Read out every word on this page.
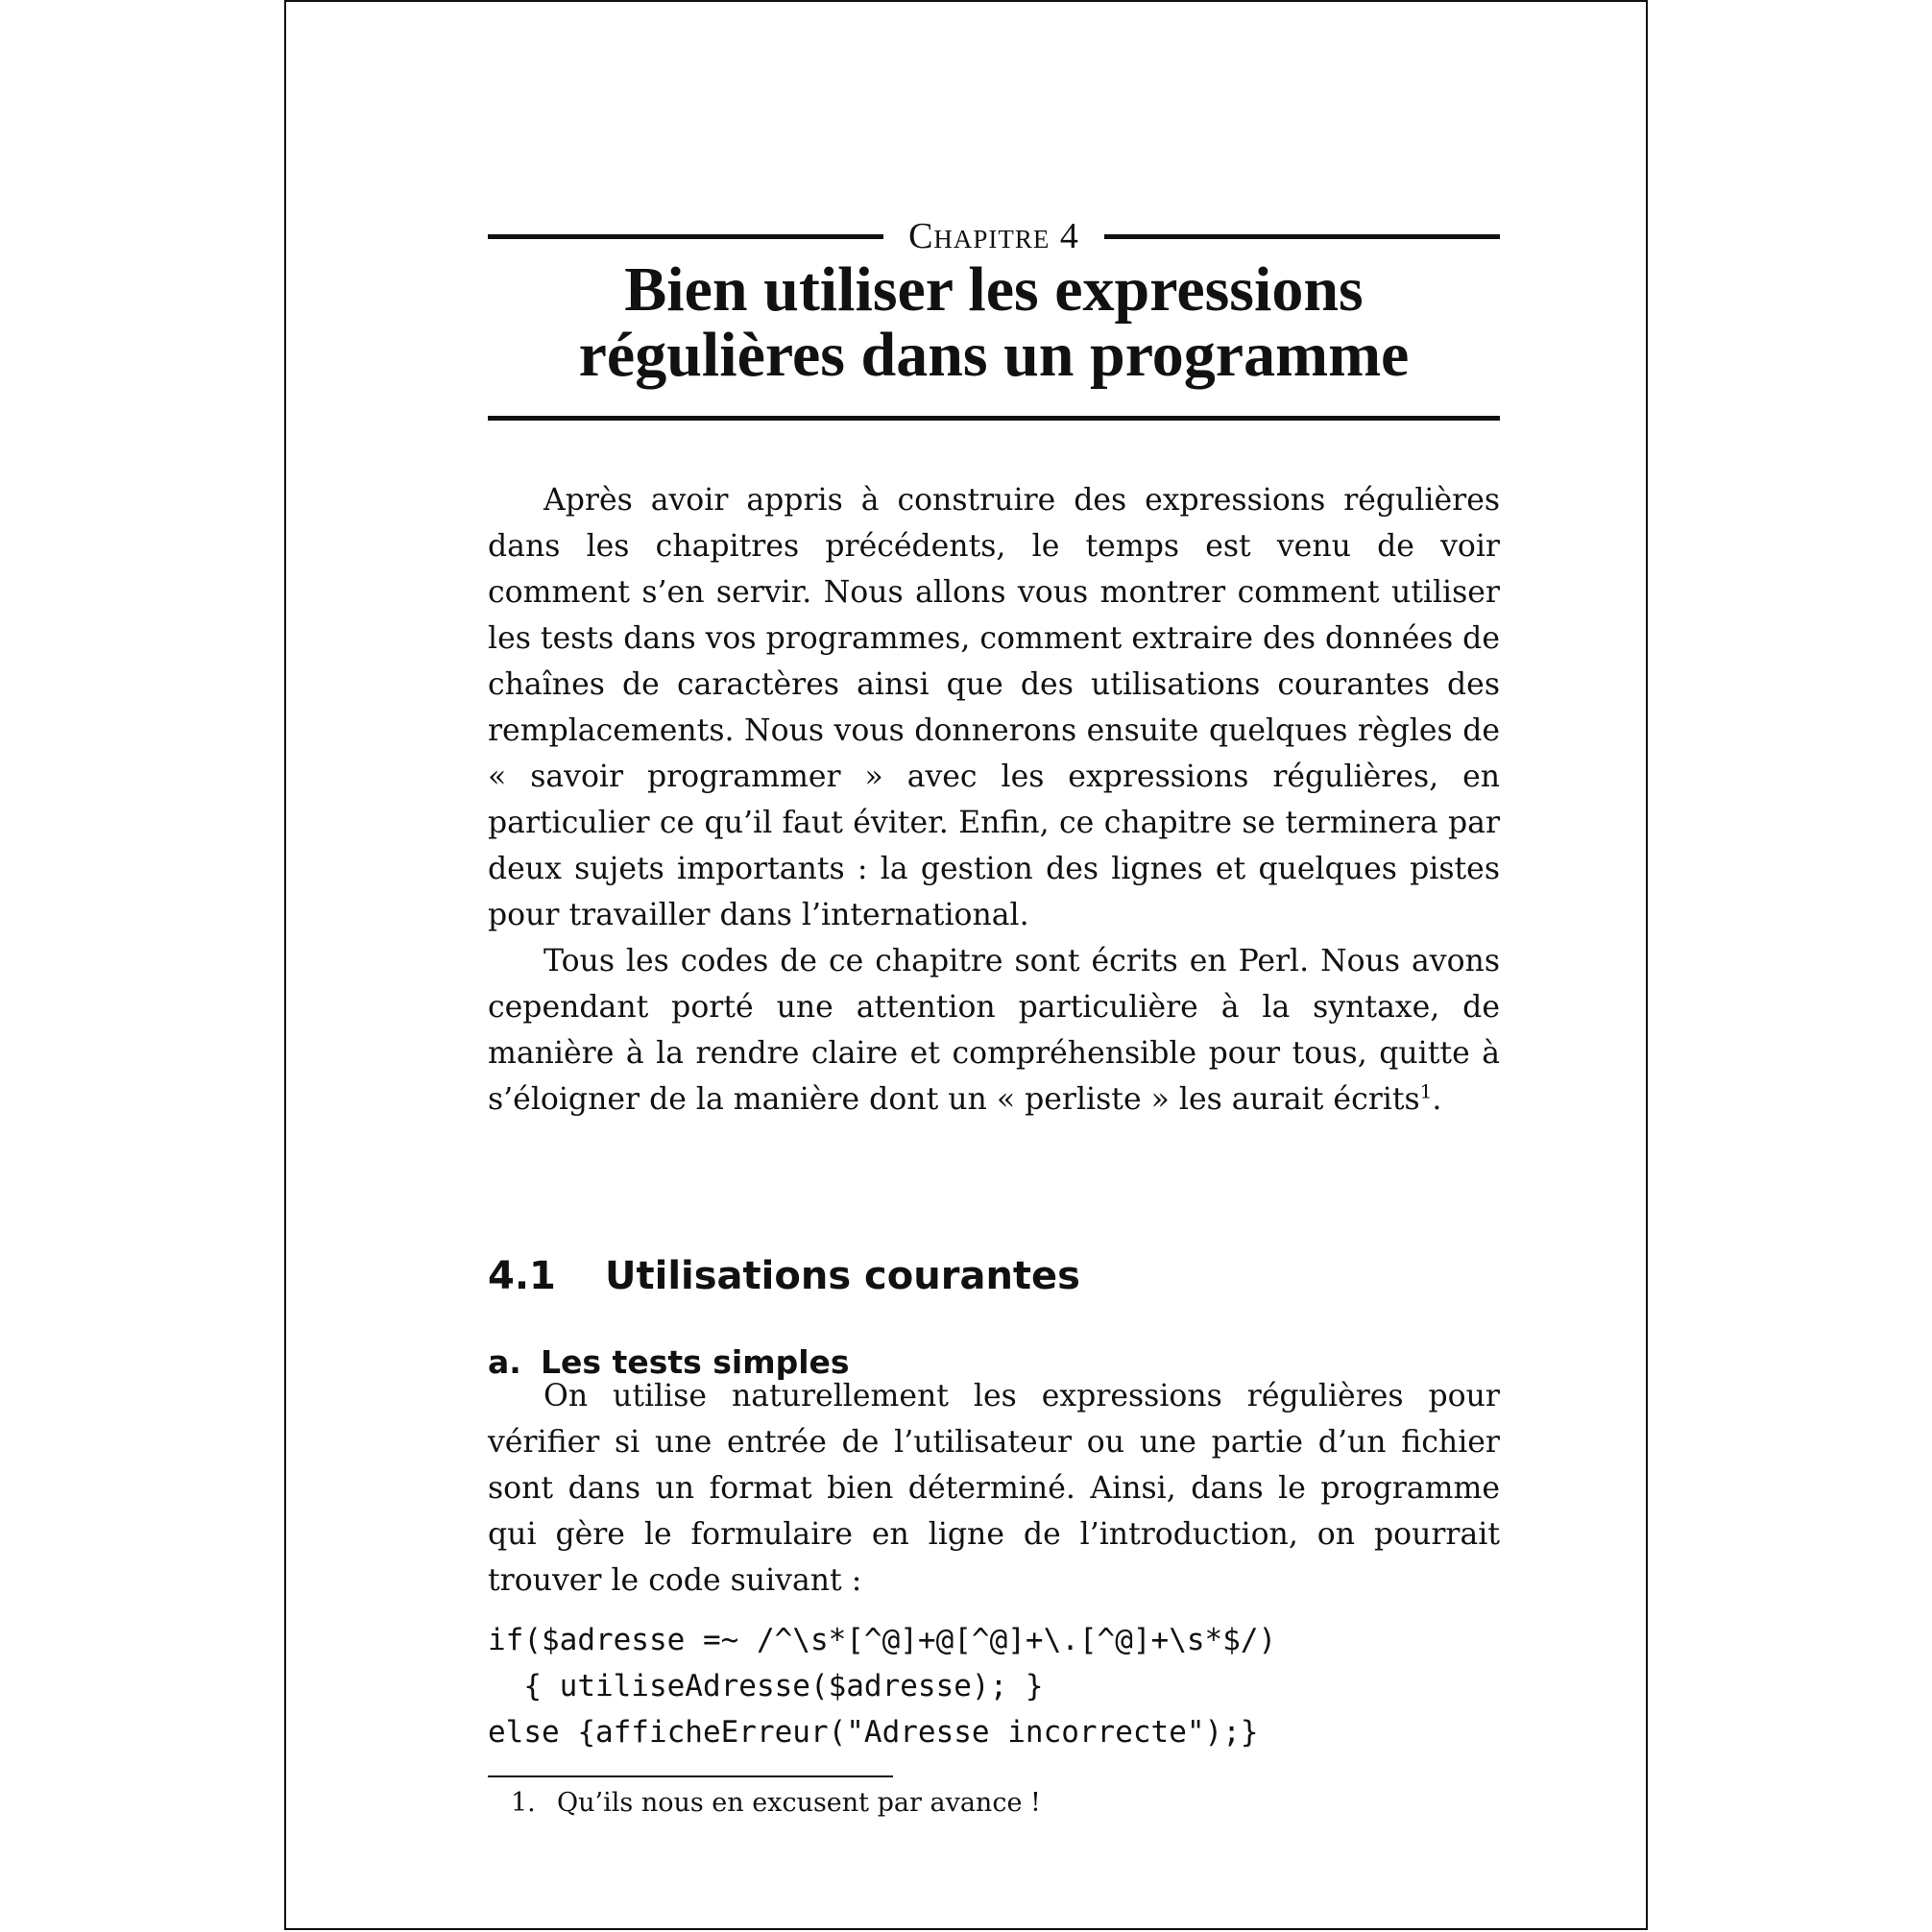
Chapitre 4
Bien utiliser les expressions
régulières dans un programme

Après avoir appris à construire des expressions régulières dans les chapitres précédents, le temps est venu de voir comment s’en servir. Nous allons vous montrer comment utiliser les tests dans vos programmes, comment extraire des données de chaînes de caractères ainsi que des utilisations courantes des remplacements. Nous vous donnerons ensuite quelques règles de « savoir programmer » avec les expressions régulières, en particulier ce qu’il faut éviter. Enfin, ce chapitre se terminera par deux sujets importants : la gestion des lignes et quelques pistes pour travailler dans l’international.

Tous les codes de ce chapitre sont écrits en Perl. Nous avons cependant porté une attention particulière à la syntaxe, de manière à la rendre claire et compréhensible pour tous, quitte à s’éloigner de la manière dont un « perliste » les aurait écrits$^1$.

4.1 Utilisations courantes
a. Les tests simples

On utilise naturellement les expressions régulières pour vérifier si une entrée de l’utilisateur ou une partie d’un fichier sont dans un format bien déterminé. Ainsi, dans le programme qui gère le formulaire en ligne de l’introduction, on pourrait trouver le code suivant :

if($adresse =~ /^\s*[^@]+@[^@]+\.[^@]+\s*$/)
{ utiliseAdresse($adresse); }
else {afficheErreur("Adresse incorrecte");}
1. Qu’ils nous en excusent par avance !
